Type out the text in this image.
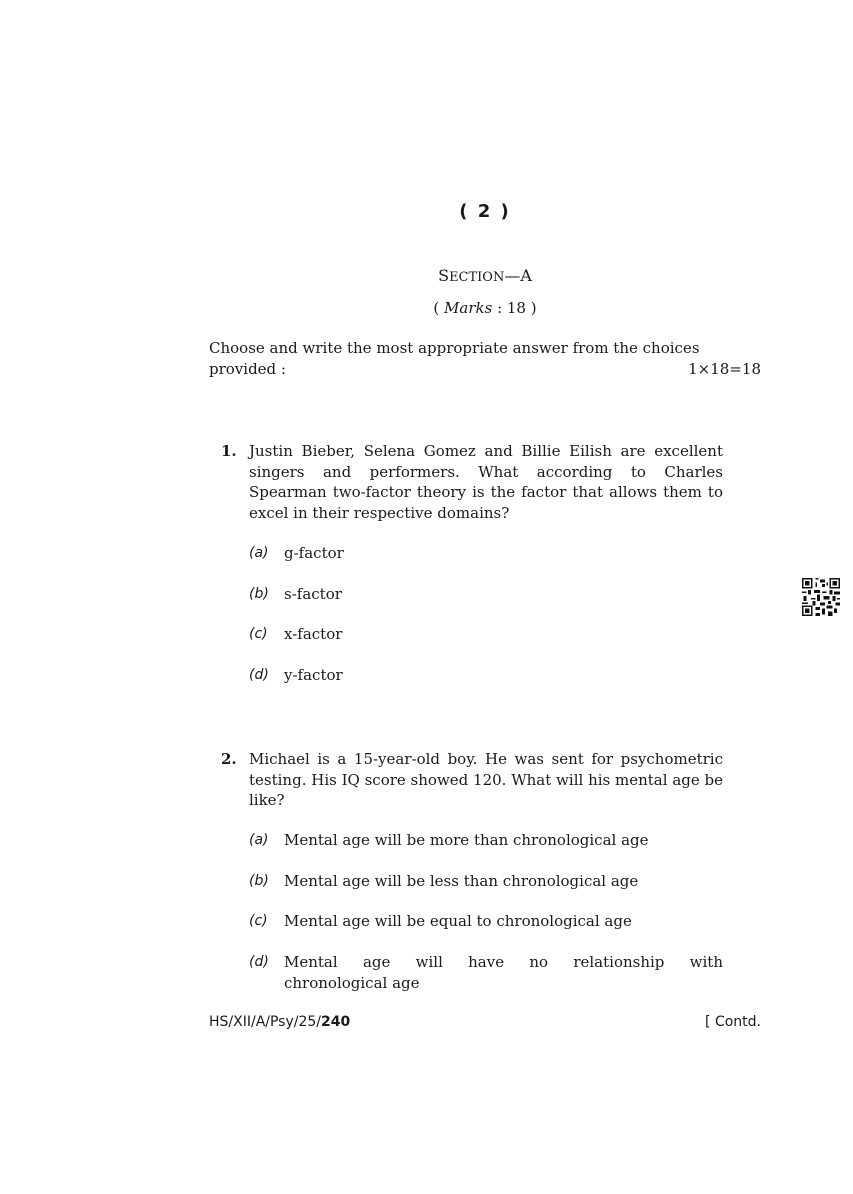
( 2 )
SECTION—A
( Marks : 18 )
Choose and write the most appropriate answer from the choices
provided :	1×18=18
1. Justin Bieber, Selena Gomez and Billie Eilish are excellent singers and performers. What according to Charles Spearman two-factor theory is the factor that allows them to excel in their respective domains?
(a) g-factor
(b) s-factor
(c) x-factor
(d) y-factor
2. Michael is a 15-year-old boy. He was sent for psychometric testing. His IQ score showed 120. What will his mental age be like?
(a) Mental age will be more than chronological age
(b) Mental age will be less than chronological age
(c) Mental age will be equal to chronological age
(d) Mental age will have no relationship with
chronological age
HS/XII/A/Psy/25/240	[ Contd.
